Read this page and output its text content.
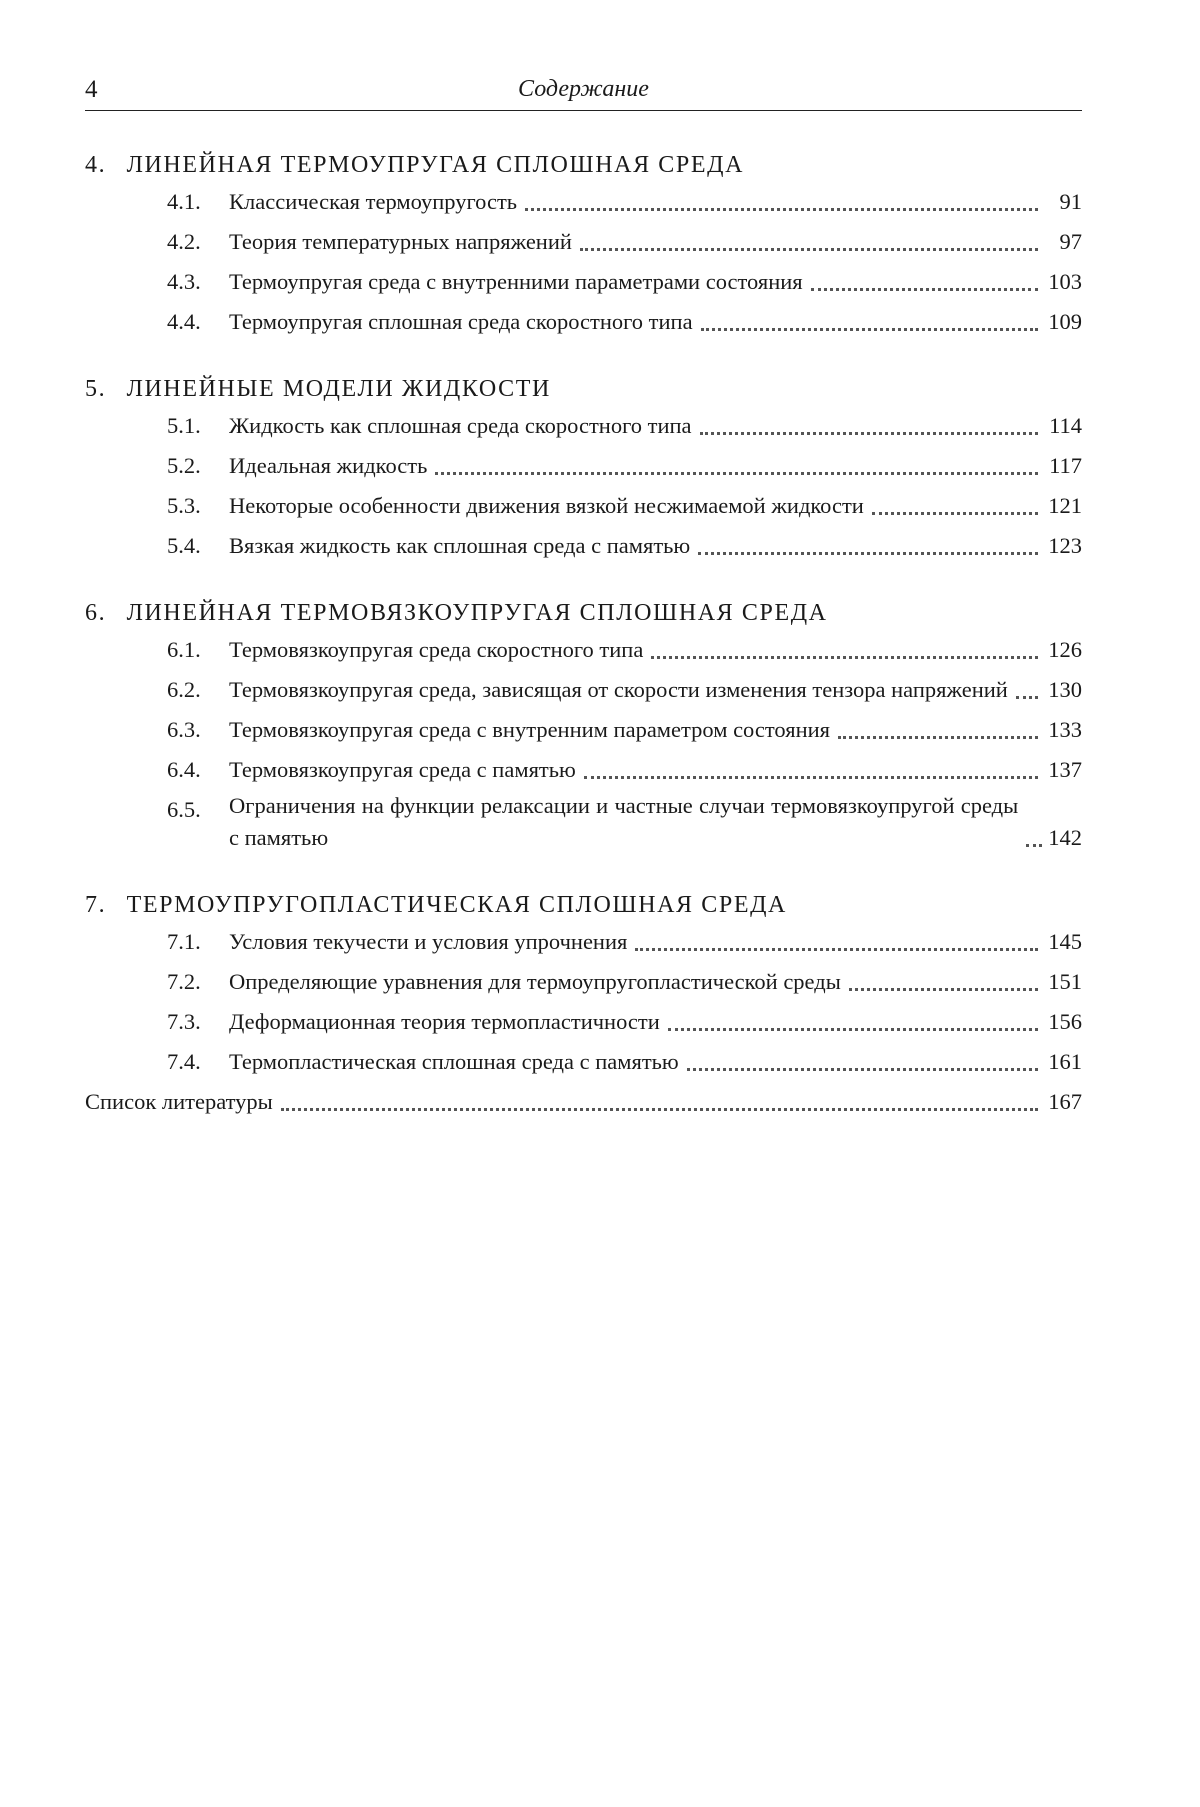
4	Содержание
4. ЛИНЕЙНАЯ ТЕРМОУПРУГАЯ СПЛОШНАЯ СРЕДА
4.1.	Классическая термоупругость	91
4.2.	Теория температурных напряжений	97
4.3.	Термоупругая среда с внутренними параметрами состояния	103
4.4.	Термоупругая сплошная среда скоростного типа	109
5. ЛИНЕЙНЫЕ МОДЕЛИ ЖИДКОСТИ
5.1.	Жидкость как сплошная среда скоростного типа	114
5.2.	Идеальная жидкость	117
5.3.	Некоторые особенности движения вязкой несжимаемой жидкости	121
5.4.	Вязкая жидкость как сплошная среда с памятью	123
6. ЛИНЕЙНАЯ ТЕРМОВЯЗКОУПРУГАЯ СПЛОШНАЯ СРЕДА
6.1.	Термовязкоупругая среда скоростного типа	126
6.2.	Термовязкоупругая среда, зависящая от скорости изменения тензора напряжений 130
6.3.	Термовязкоупругая среда с внутренним параметром состояния	133
6.4.	Термовязкоупругая среда с памятью	137
6.5.	Ограничения на функции релаксации и частные случаи термовязкоупругой среды с памятью	142
7. ТЕРМОУПРУГОПЛАСТИЧЕСКАЯ СПЛОШНАЯ СРЕДА
7.1.	Условия текучести и условия упрочнения	145
7.2.	Определяющие уравнения для термоупругопластической среды	151
7.3.	Деформационная теория термопластичности	156
7.4.	Термопластическая сплошная среда с памятью	161
Список литературы	167
